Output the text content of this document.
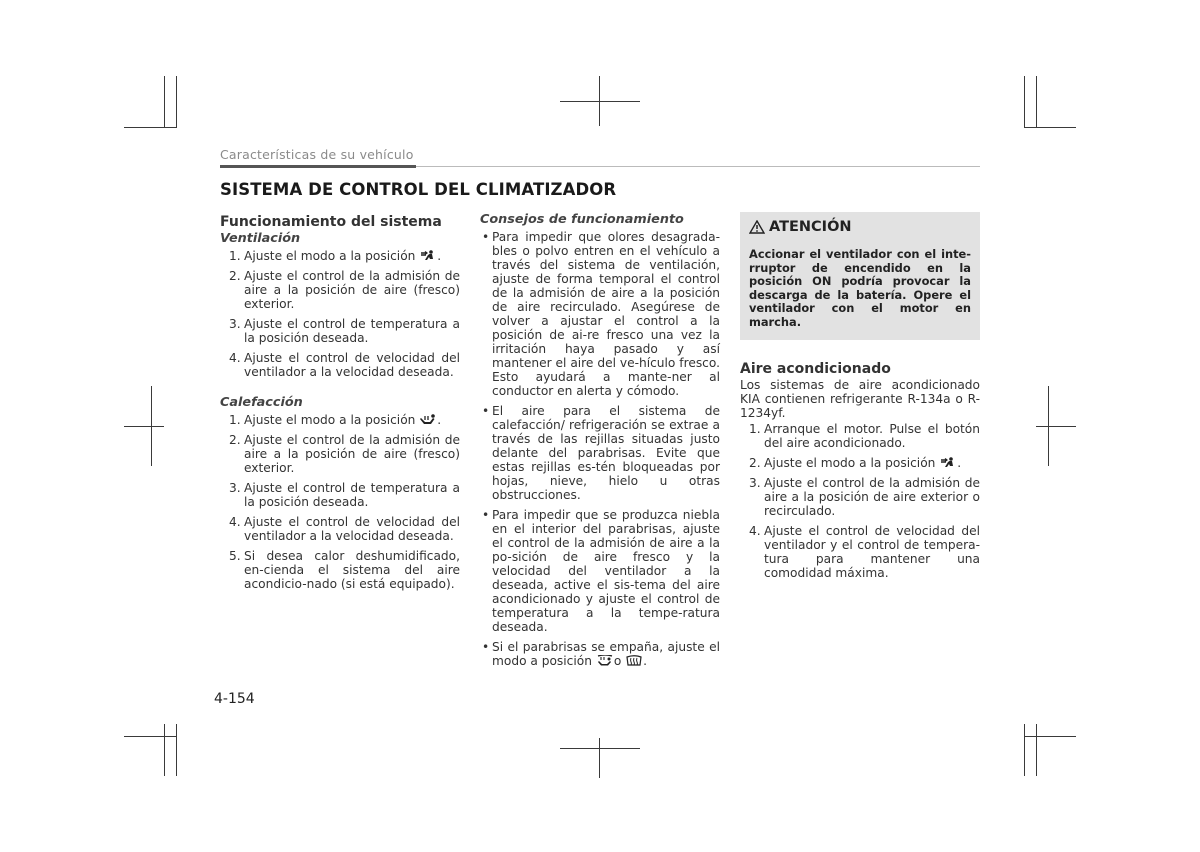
Características de su vehículo
SISTEMA DE CONTROL DEL CLIMATIZADOR
Funcionamiento del sistema
Ventilación
1. Ajuste el modo a la posición .
2. Ajuste el control de la admisión de aire a la posición de aire (fresco) exterior.
3. Ajuste el control de temperatura a la posición deseada.
4. Ajuste el control de velocidad del ventilador a la velocidad deseada.
Calefacción
1. Ajuste el modo a la posición .
2. Ajuste el control de la admisión de aire a la posición de aire (fresco) exterior.
3. Ajuste el control de temperatura a la posición deseada.
4. Ajuste el control de velocidad del ventilador a la velocidad deseada.
5. Si desea calor deshumidificado, en-cienda el sistema del aire acondicio-nado (si está equipado).
Consejos de funcionamiento
• Para impedir que olores desagrada-bles o polvo entren en el vehículo a través del sistema de ventilación, ajuste de forma temporal el control de la admisión de aire a la posición de aire recirculado. Asegúrese de volver a ajustar el control a la posición de ai-re fresco una vez la irritación haya pasado y así mantener el aire del ve-hículo fresco. Esto ayudará a mante-ner al conductor en alerta y cómodo.
• El aire para el sistema de calefacción/ refrigeración se extrae a través de las rejillas situadas justo delante del parabrisas. Evite que estas rejillas es-tén bloqueadas por hojas, nieve, hielo u otras obstrucciones.
• Para impedir que se produzca niebla en el interior del parabrisas, ajuste el control de la admisión de aire a la po-sición de aire fresco y la velocidad del ventilador a la deseada, active el sis-tema del aire acondicionado y ajuste el control de temperatura a la tempe-ratura deseada.
• Si el parabrisas se empaña, ajuste el modo a posición o .
ATENCIÓN
Accionar el ventilador con el inte-rruptor de encendido en la posición ON podría provocar la descarga de la batería. Opere el ventilador con el motor en marcha.
Aire acondicionado
Los sistemas de aire acondicionado KIA contienen refrigerante R-134a o R-1234yf.
1. Arranque el motor. Pulse el botón del aire acondicionado.
2. Ajuste el modo a la posición .
3. Ajuste el control de la admisión de aire a la posición de aire exterior o recirculado.
4. Ajuste el control de velocidad del ventilador y el control de tempera-tura para mantener una comodidad máxima.
4-154
